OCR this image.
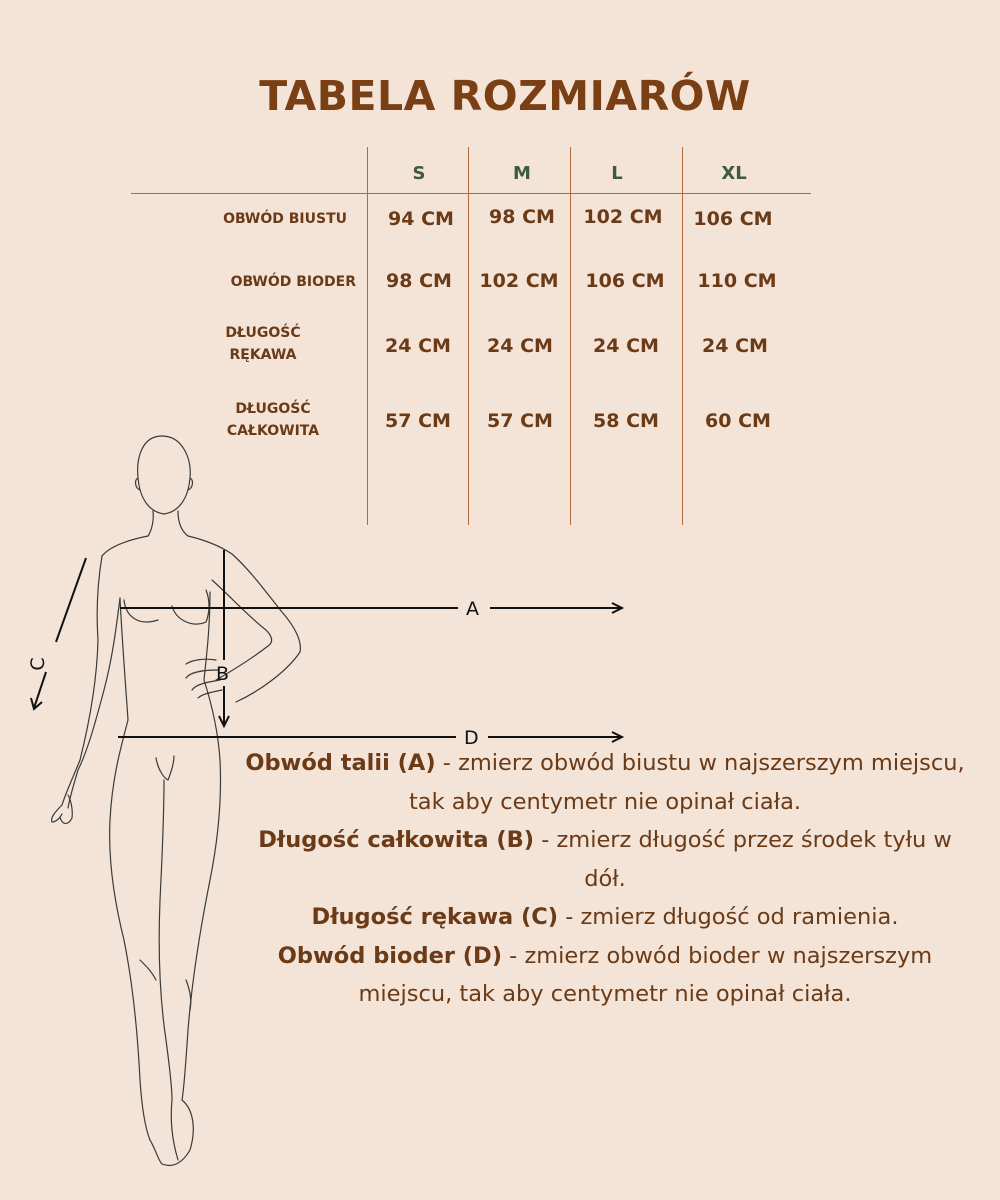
TABELA ROZMIARÓW
S	M	L	XL
OBWÓD BIUSTU	94 CM	98 CM	102 CM	106 CM
OBWÓD BIODER	98 CM	102 CM	106 CM	110 CM
DŁUGOŚĆ
RĘKAWA	24 CM	24 CM	24 CM	24 CM
DŁUGOŚĆ
CAŁKOWITA	57 CM	57 CM	58 CM	60 CM
A
D
B
C
Obwód talii (A) - zmierz obwód biustu w najszerszym miejscu, tak aby centymetr nie opinał ciała.
Długość całkowita (B) - zmierz długość przez środek tyłu w dół.
Długość rękawa (C) - zmierz długość od ramienia.
Obwód bioder (D) - zmierz obwód bioder w najszerszym miejscu, tak aby centymetr nie opinał ciała.
